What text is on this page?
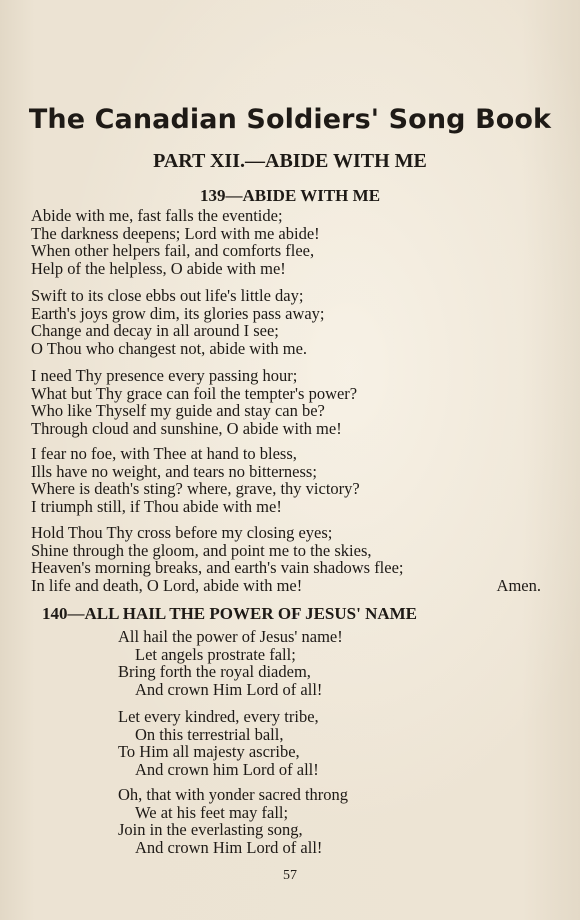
The Canadian Soldiers' Song Book
PART XII.—ABIDE WITH ME
139—ABIDE WITH ME
Abide with me, fast falls the eventide;
The darkness deepens; Lord with me abide!
When other helpers fail, and comforts flee,
Help of the helpless, O abide with me!
Swift to its close ebbs out life's little day;
Earth's joys grow dim, its glories pass away;
Change and decay in all around I see;
O Thou who changest not, abide with me.
I need Thy presence every passing hour;
What but Thy grace can foil the tempter's power?
Who like Thyself my guide and stay can be?
Through cloud and sunshine, O abide with me!
I fear no foe, with Thee at hand to bless,
Ills have no weight, and tears no bitterness;
Where is death's sting? where, grave, thy victory?
I triumph still, if Thou abide with me!
Hold Thou Thy cross before my closing eyes;
Shine through the gloom, and point me to the skies,
Heaven's morning breaks, and earth's vain shadows flee;
In life and death, O Lord, abide with me!	Amen.
140—ALL HAIL THE POWER OF JESUS' NAME
All hail the power of Jesus' name!
Let angels prostrate fall;
Bring forth the royal diadem,
And crown Him Lord of all!
Let every kindred, every tribe,
On this terrestrial ball,
To Him all majesty ascribe,
And crown him Lord of all!
Oh, that with yonder sacred throng
We at his feet may fall;
Join in the everlasting song,
And crown Him Lord of all!
57
